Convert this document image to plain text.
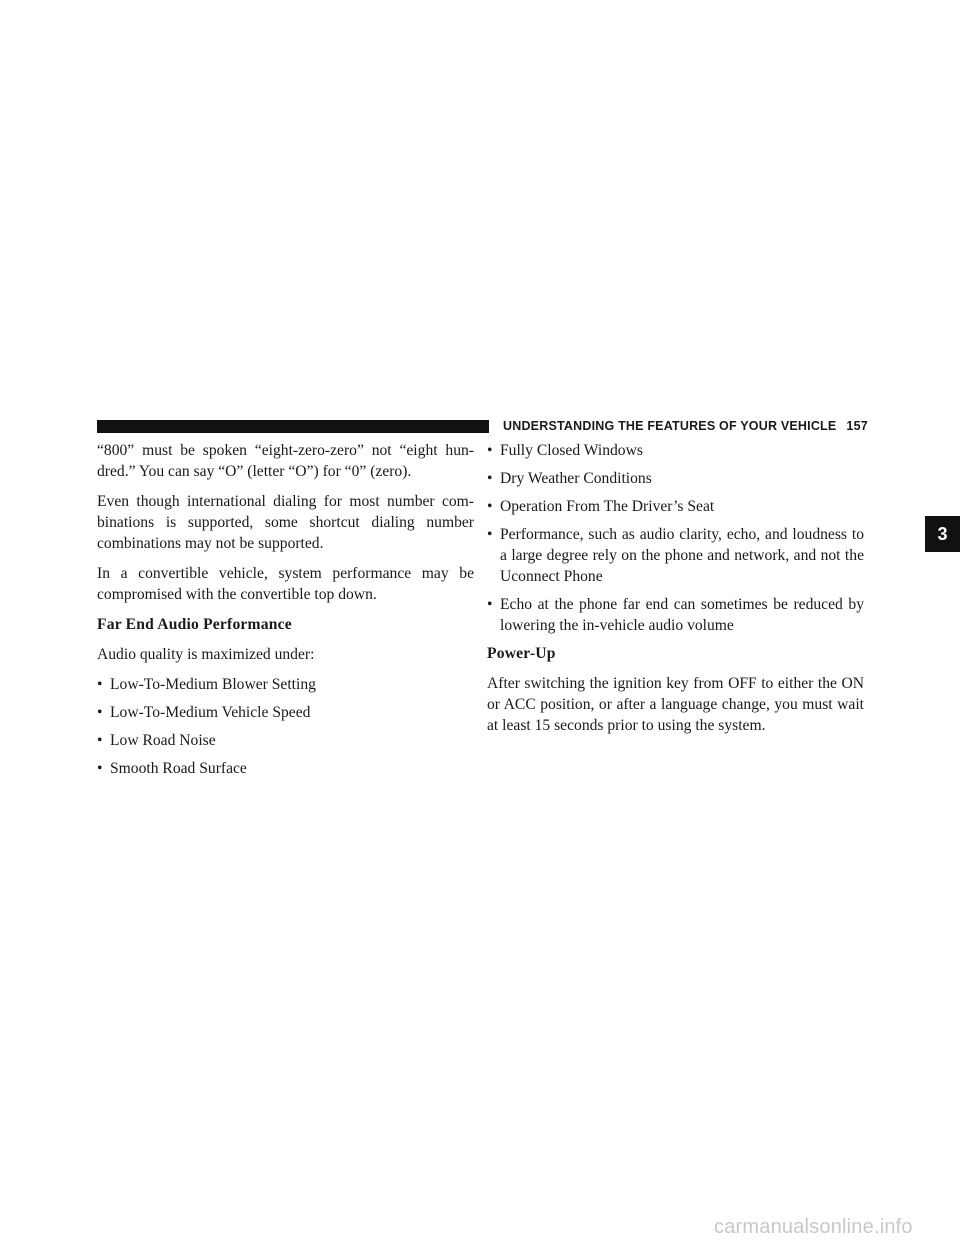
UNDERSTANDING THE FEATURES OF YOUR VEHICLE 157
3

“800” must be spoken “eight-zero-zero” not “eight hun-dred.” You can say “O” (letter “O”) for “0” (zero).

Even though international dialing for most number com-binations is supported, some shortcut dialing number combinations may not be supported.

In a convertible vehicle, system performance may be compromised with the convertible top down.

Far End Audio Performance

Audio quality is maximized under:

• Low-To-Medium Blower Setting
• Low-To-Medium Vehicle Speed
• Low Road Noise
• Smooth Road Surface
• Fully Closed Windows
• Dry Weather Conditions
• Operation From The Driver’s Seat
• Performance, such as audio clarity, echo, and loudness to a large degree rely on the phone and network, and not the Uconnect Phone
• Echo at the phone far end can sometimes be reduced by lowering the in-vehicle audio volume
Power-Up

After switching the ignition key from OFF to either the ON or ACC position, or after a language change, you must wait at least 15 seconds prior to using the system.

carmanualsonline.info
